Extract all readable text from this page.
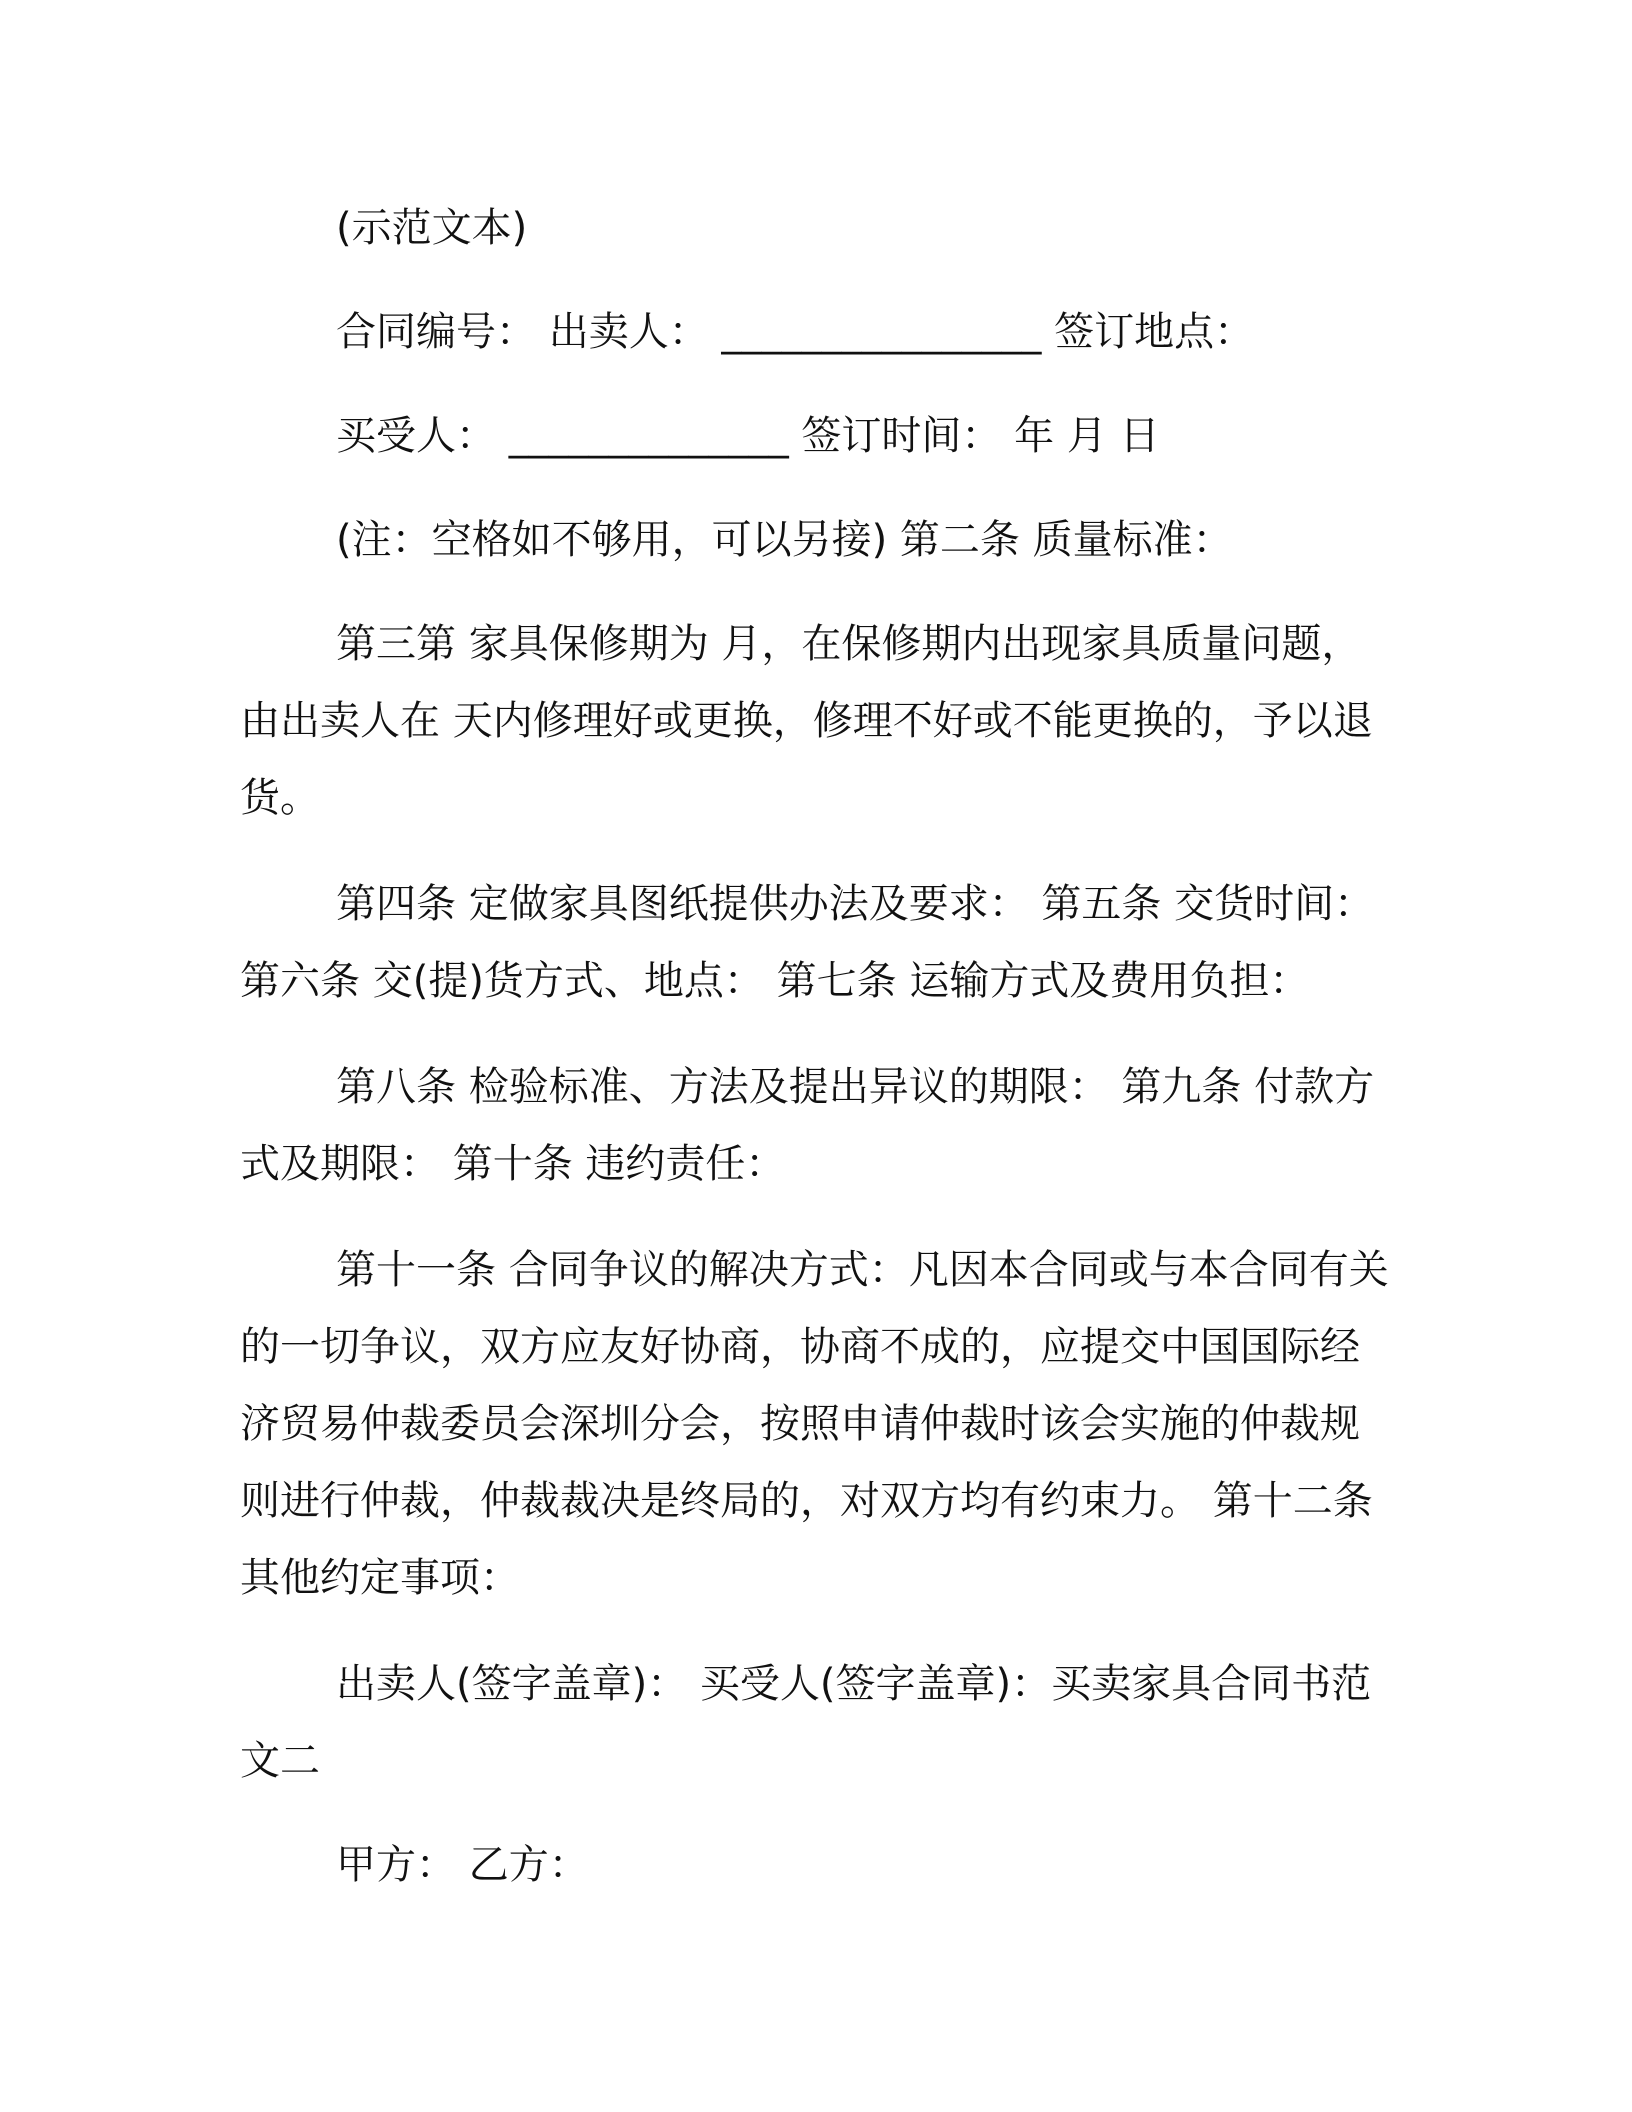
(示范文本)

合同编号： 出卖人： ________________ 签订地点：

买受人： ______________ 签订时间： 年 月 日

(注：空格如不够用，可以另接) 第二条 质量标准：

第三第 家具保修期为 月，在保修期内出现家具质量问题，由出卖人在 天内修理好或更换，修理不好或不能更换的，予以退货。

第四条 定做家具图纸提供办法及要求： 第五条 交货时间： 第六条 交(提)货方式、地点： 第七条 运输方式及费用负担：

第八条 检验标准、方法及提出异议的期限： 第九条 付款方式及期限： 第十条 违约责任：

第十一条 合同争议的解决方式：凡因本合同或与本合同有关的一切争议，双方应友好协商，协商不成的，应提交中国国际经济贸易仲裁委员会深圳分会，按照申请仲裁时该会实施的仲裁规则进行仲裁，仲裁裁决是终局的，对双方均有约束力。 第十二条 其他约定事项：

出卖人(签字盖章)： 买受人(签字盖章)：买卖家具合同书范文二

甲方： 乙方：
